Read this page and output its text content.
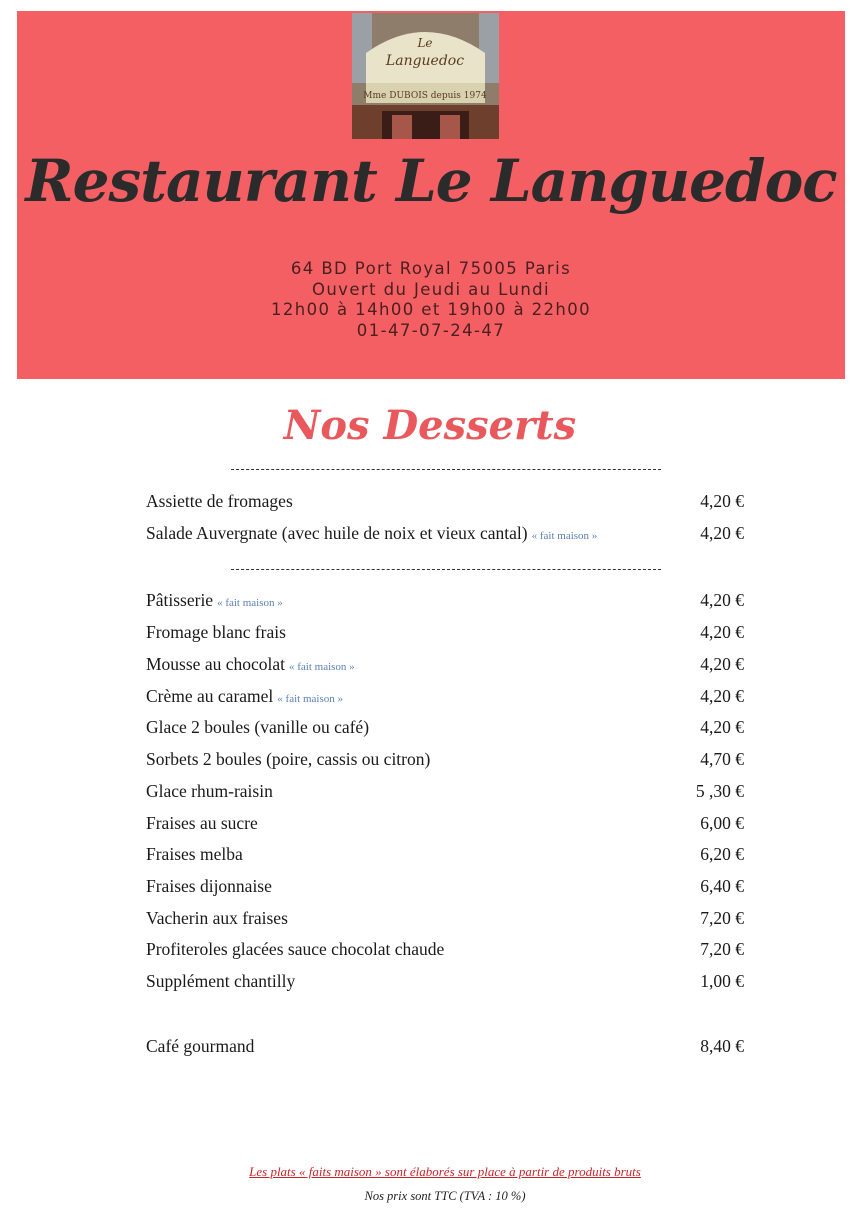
Le
Languedoc
Mme DUBOIS depuis 1974
Restaurant Le Languedoc
64 BD Port Royal 75005 Paris
Ouvert du Jeudi au Lundi
12h00 à 14h00 et 19h00 à 22h00
01-47-07-24-47
Nos Desserts
Assiette de fromages	4,20 €
Salade Auvergnate (avec huile de noix et vieux cantal) « fait maison »	4,20 €
Pâtisserie « fait maison »	4,20 €
Fromage blanc frais	4,20 €
Mousse au chocolat « fait maison »	4,20 €
Crème au caramel « fait maison »	4,20 €
Glace 2 boules (vanille ou café)	4,20 €
Sorbets 2 boules (poire, cassis ou citron)	4,70 €
Glace rhum-raisin	5 ,30 €
Fraises au sucre	6,00 €
Fraises melba	6,20 €
Fraises dijonnaise	6,40 €
Vacherin aux fraises	7,20 €
Profiteroles glacées sauce chocolat chaude	7,20 €
Supplément chantilly	1,00 €
Café gourmand	8,40 €
Les plats « faits maison » sont élaborés sur place à partir de produits bruts
Nos prix sont TTC (TVA : 10 %)
